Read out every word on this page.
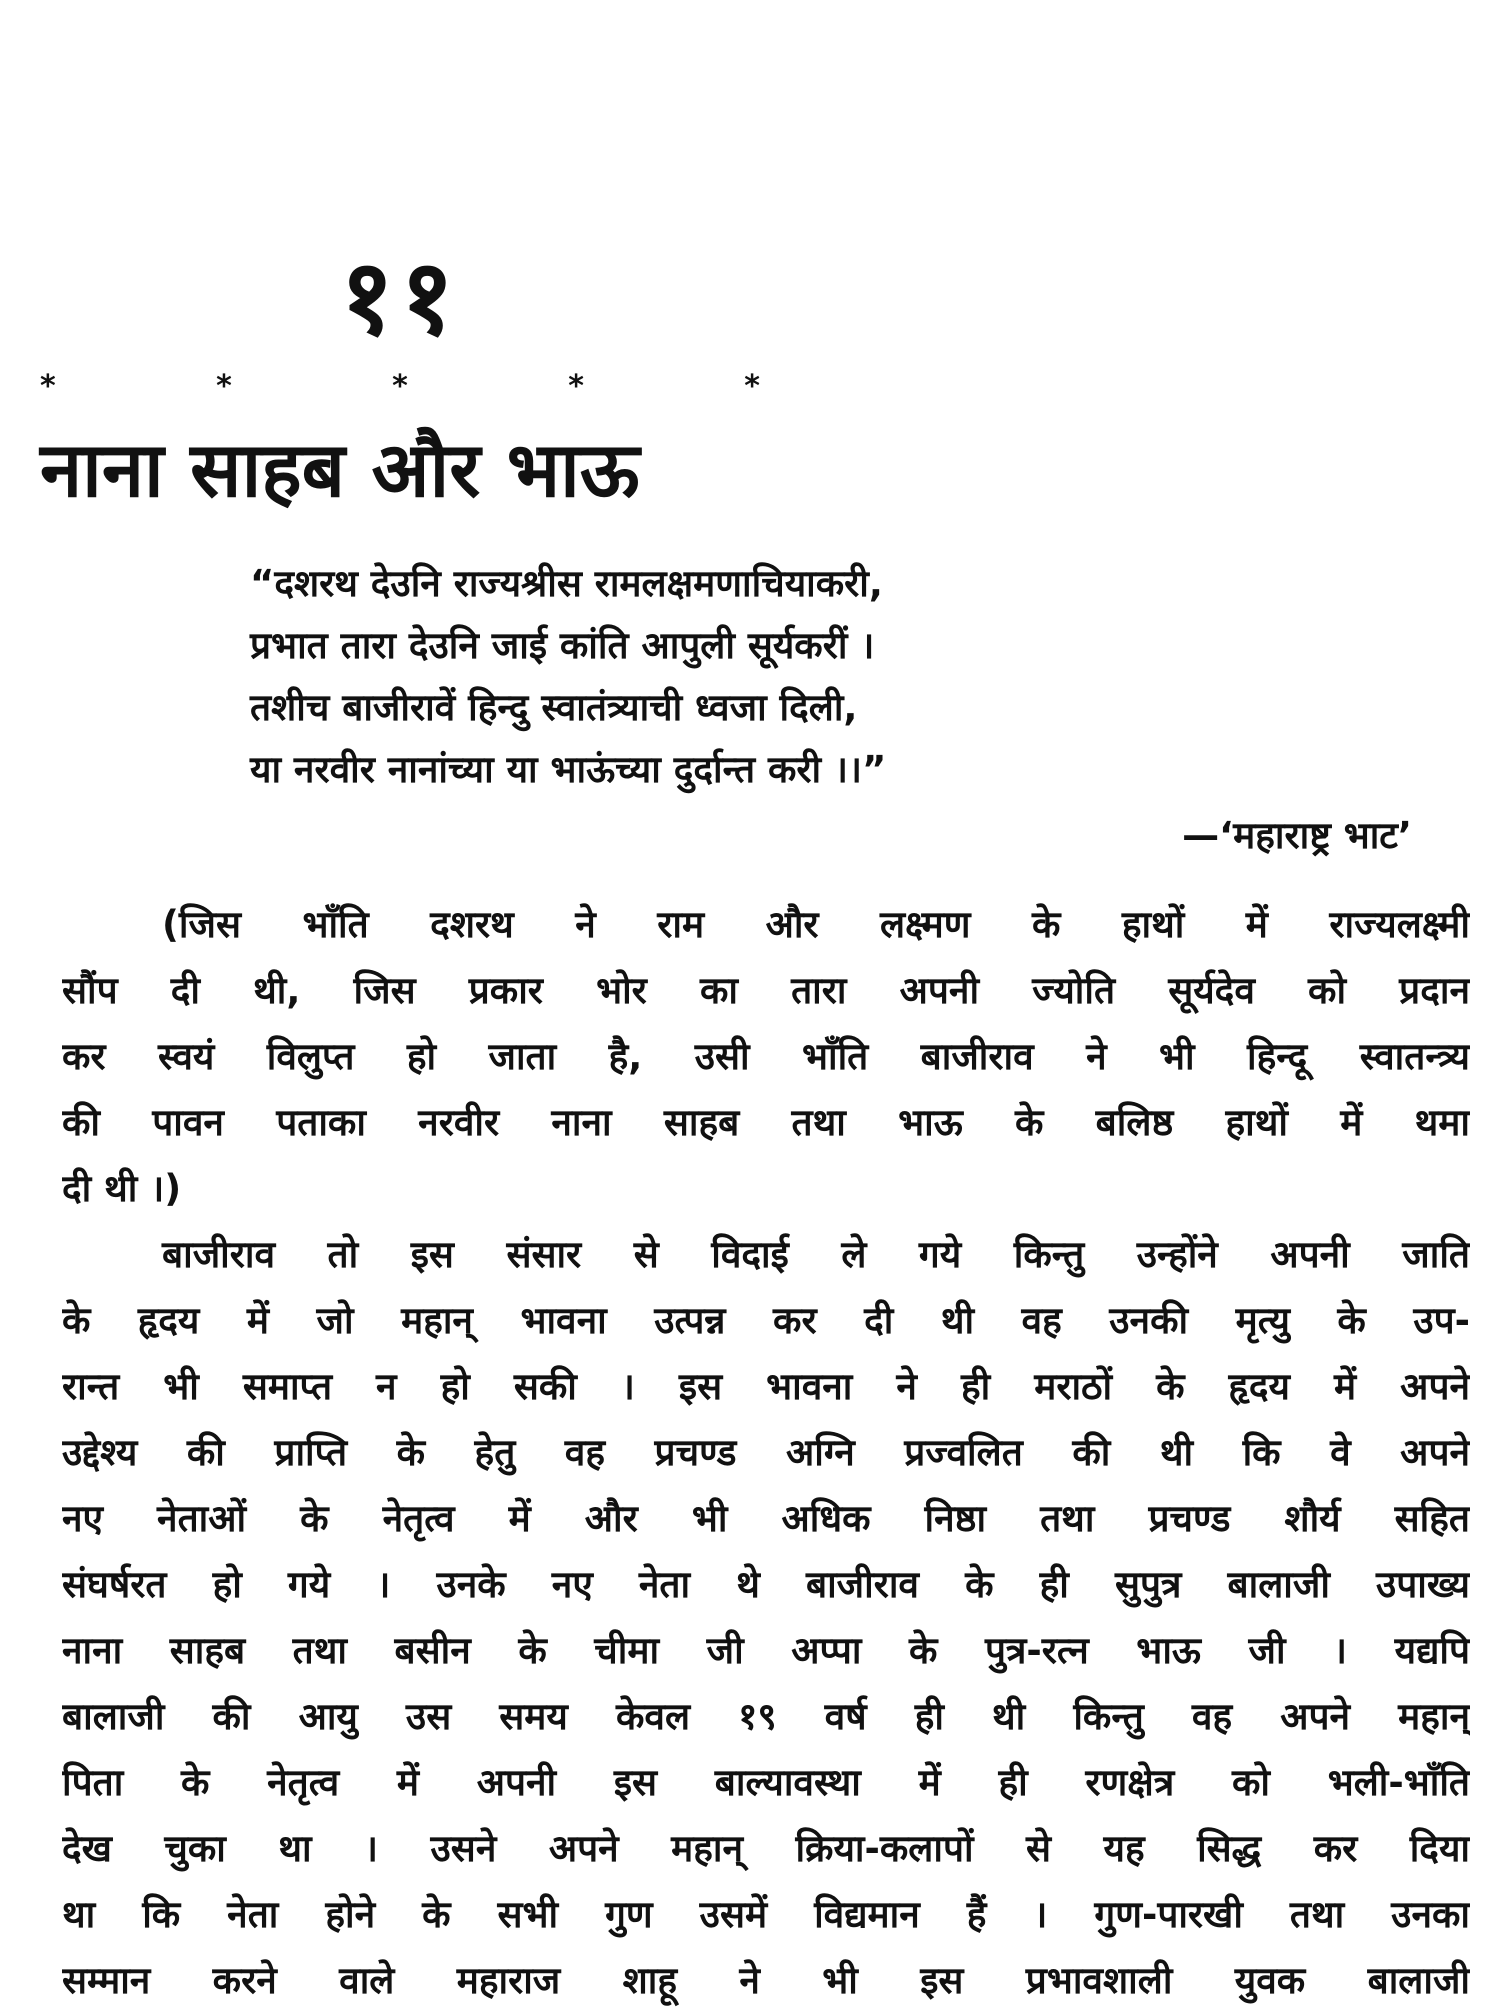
११
*	*	*	*	*
नाना साहब और भाऊ
“दशरथ देउनि राज्यश्रीस रामलक्षमणाचियाकरी,
प्रभात तारा देउनि जाई कांति आपुली सूर्यकरीं ।
तशीच बाजीरावें हिन्दु स्वातंत्र्याची ध्वजा दिली,
या नरवीर नानांच्या या भाऊंच्या दुर्दान्त करी ।।”
—‘महाराष्ट्र भाट’
(जिस भाँति दशरथ ने राम और लक्ष्मण के हाथों में राज्यलक्ष्मी
सौंप दी थी, जिस प्रकार भोर का तारा अपनी ज्योति सूर्यदेव को प्रदान
कर स्वयं विलुप्त हो जाता है, उसी भाँति बाजीराव ने भी हिन्दू स्वातन्त्र्य
की पावन पताका नरवीर नाना साहब तथा भाऊ के बलिष्ठ हाथों में थमा
दी थी ।)
बाजीराव तो इस संसार से विदाई ले गये किन्तु उन्होंने अपनी जाति
के हृदय में जो महान् भावना उत्पन्न कर दी थी वह उनकी मृत्यु के उप-
रान्त भी समाप्त न हो सकी । इस भावना ने ही मराठों के हृदय में अपने
उद्देश्य की प्राप्ति के हेतु वह प्रचण्ड अग्नि प्रज्वलित की थी कि वे अपने
नए नेताओं के नेतृत्व में और भी अधिक निष्ठा तथा प्रचण्ड शौर्य सहित
संघर्षरत हो गये । उनके नए नेता थे बाजीराव के ही सुपुत्र बालाजी उपाख्य
नाना साहब तथा बसीन के चीमा जी अप्पा के पुत्र-रत्न भाऊ जी । यद्यपि
बालाजी की आयु उस समय केवल १९ वर्ष ही थी किन्तु वह अपने महान्
पिता के नेतृत्व में अपनी इस बाल्यावस्था में ही रणक्षेत्र को भली-भाँति
देख चुका था । उसने अपने महान् क्रिया-कलापों से यह सिद्ध कर दिया
था कि नेता होने के सभी गुण उसमें विद्यमान हैं । गुण-पारखी तथा उनका
सम्मान करने वाले महाराज शाहू ने भी इस प्रभावशाली युवक बालाजी
